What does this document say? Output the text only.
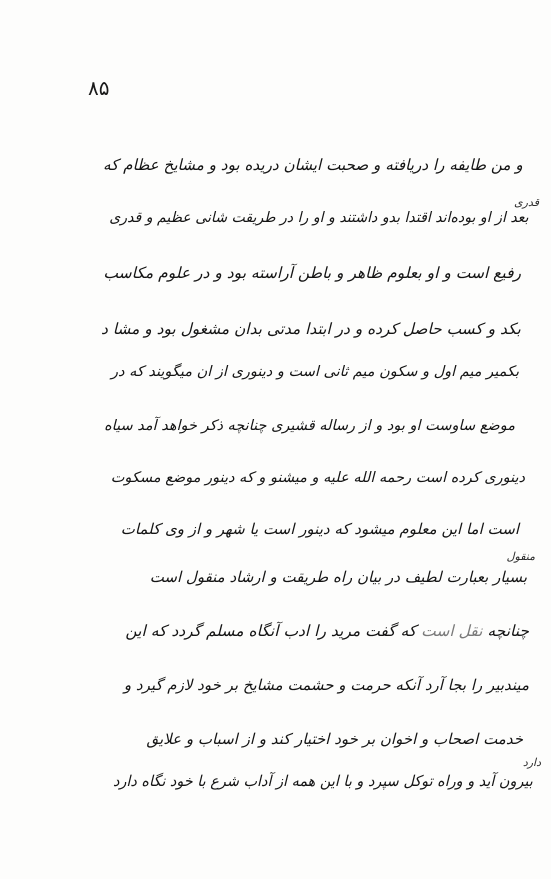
۸۵
و من طایفه را دریافته و صحبت ایشان دریده بود و مشایخ عظام که
بعد از او بوده‌اند اقتدا بدو داشتند و او را در طریقت شانی عظیم و قدری
رفیع است و او بعلوم ظاهر و باطن آراسته بود و در علوم مکاسب
بکد و کسب حاصل کرده و در ابتدا مدتی بدان مشغول بود و مشا د
بکمیر میم اول و سکون میم ثانی است و دینوری از ان میگویند که در
موضع ساوست او بود و از رساله قشیری چنانچه ذکر خواهد آمد سیاه
دینوری کرده است رحمه الله علیه و میشنو و که دینور موضع مسکوت
است اما این معلوم میشود که دینور است یا شهر و از وی کلمات
بسیار بعبارت لطیف در بیان راه طریقت و ارشاد منقول است
چنانچه نقل است که گفت مرید را ادب آنگاه مسلم گردد که این
میندبیر را بجا آرد آنکه حرمت و حشمت مشایخ بر خود لازم گیرد و
خدمت اصحاب و اخوان بر خود اختیار کند و از اسباب و علایق
بیرون آید و وراه توکل سپرد و با این همه از آداب شرع با خود نگاه دارد
قدری
منقول
دارد
